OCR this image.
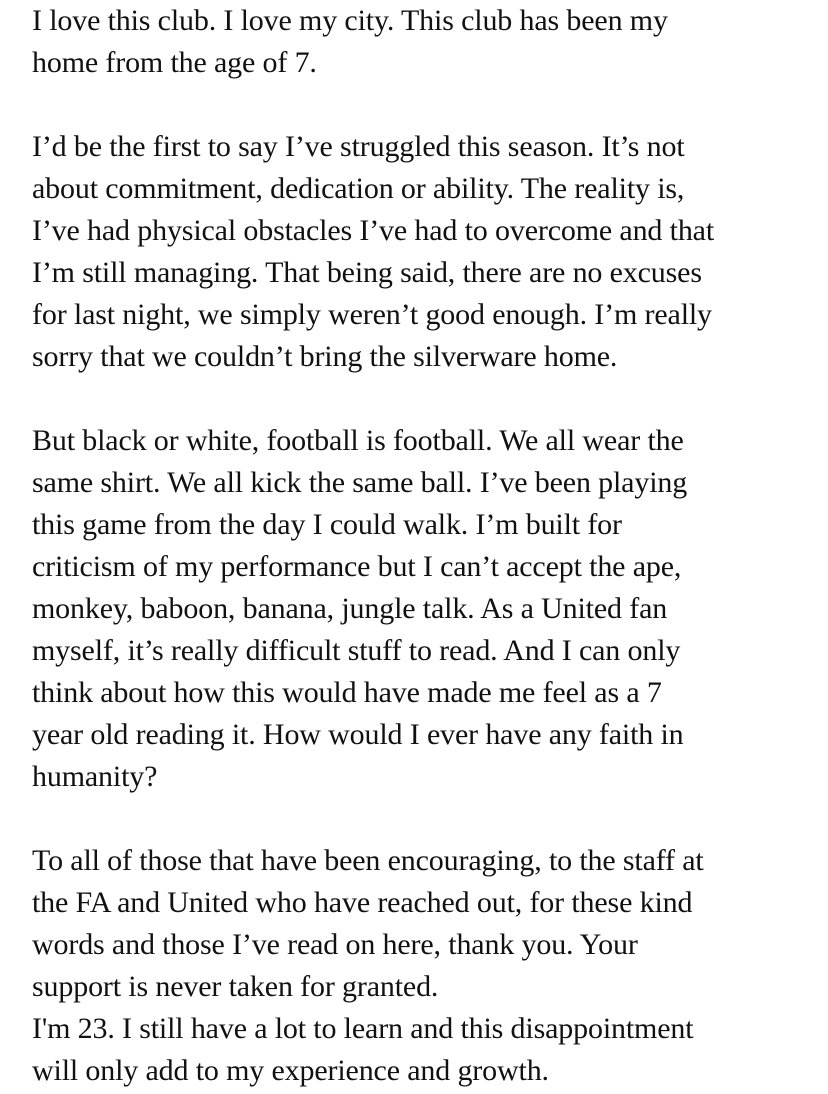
I love this club. I love my city. This club has been my
home from the age of 7.
I’d be the first to say I’ve struggled this season. It’s not
about commitment, dedication or ability. The reality is,
I’ve had physical obstacles I’ve had to overcome and that
I’m still managing. That being said, there are no excuses
for last night, we simply weren’t good enough. I’m really
sorry that we couldn’t bring the silverware home.
But black or white, football is football. We all wear the
same shirt. We all kick the same ball. I’ve been playing
this game from the day I could walk. I’m built for
criticism of my performance but I can’t accept the ape,
monkey, baboon, banana, jungle talk. As a United fan
myself, it’s really difficult stuff to read. And I can only
think about how this would have made me feel as a 7
year old reading it. How would I ever have any faith in
humanity?
To all of those that have been encouraging, to the staff at
the FA and United who have reached out, for these kind
words and those I’ve read on here, thank you. Your
support is never taken for granted.
I'm 23. I still have a lot to learn and this disappointment
will only add to my experience and growth.
